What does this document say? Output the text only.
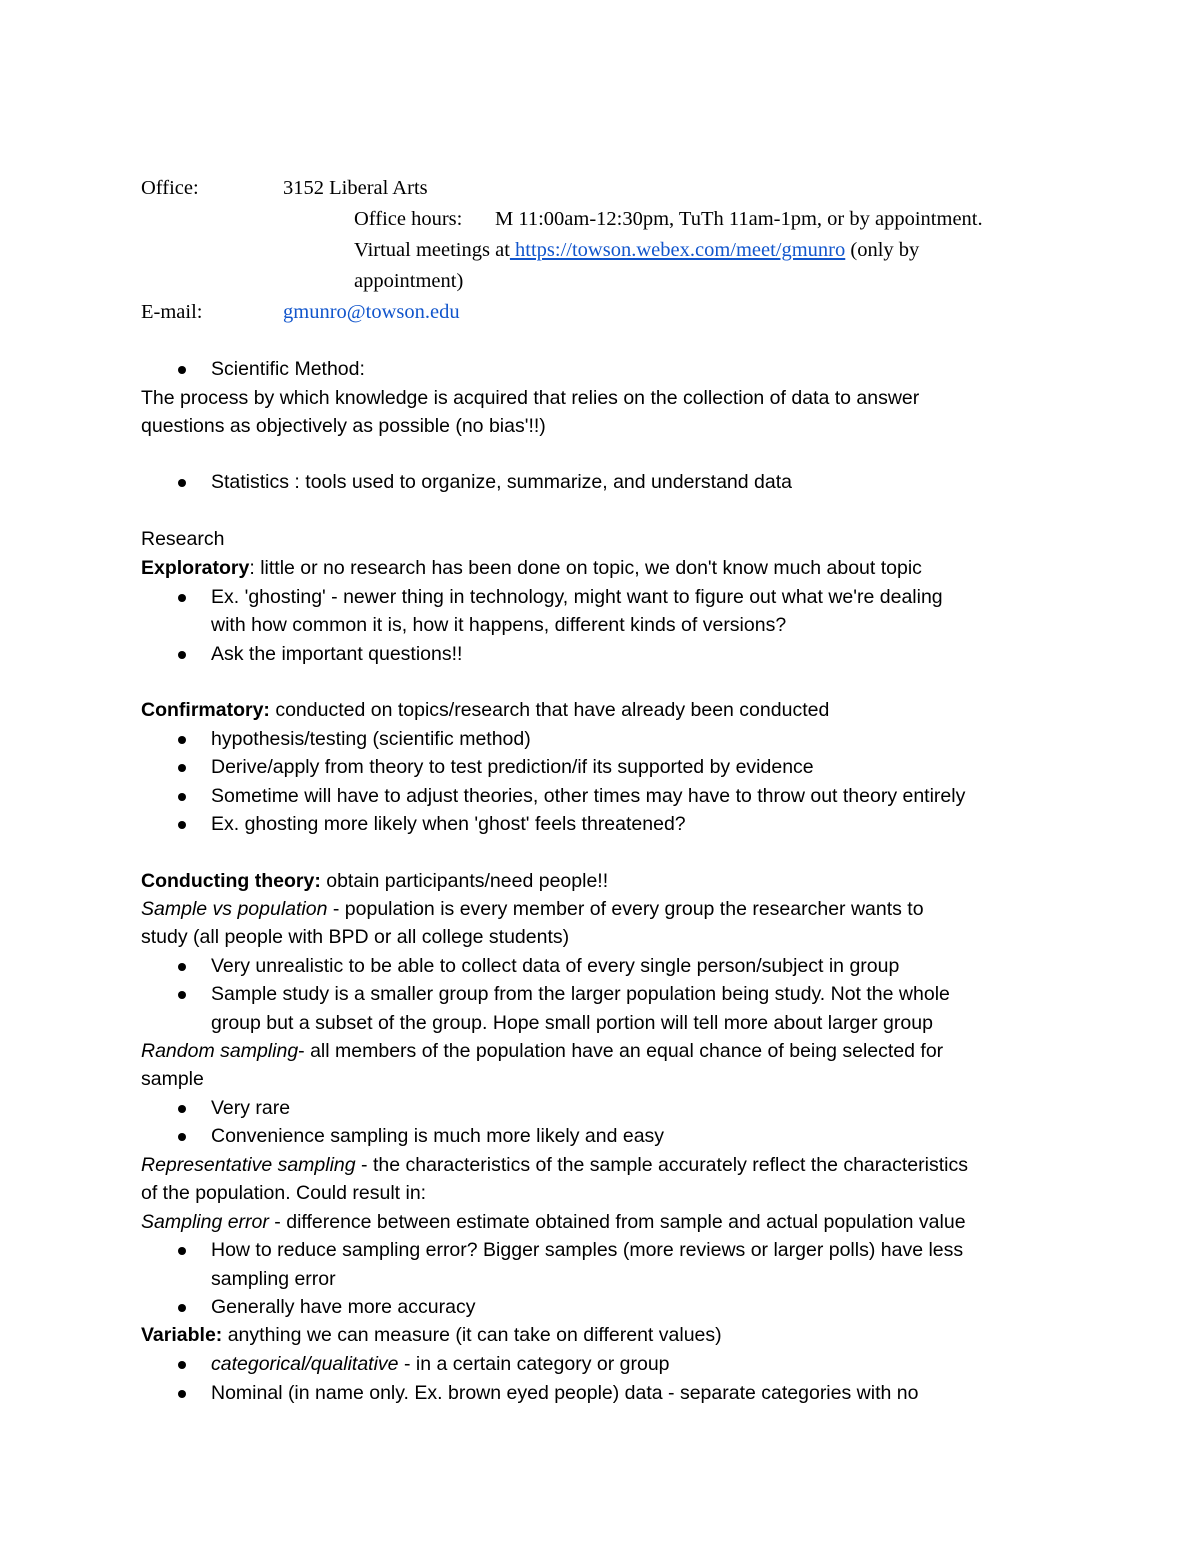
Office:	3152 Liberal Arts
Office hours: M 11:00am-12:30pm, TuTh 11am-1pm, or by appointment.
Virtual meetings at https://towson.webex.com/meet/gmunro (only by
appointment)
E-mail:	gmunro@towson.edu
Scientific Method:
The process by which knowledge is acquired that relies on the collection of data to answer
questions as objectively as possible (no bias'!!)
Statistics : tools used to organize, summarize, and understand data
Research
Exploratory: little or no research has been done on topic, we don't know much about topic
Ex. 'ghosting' - newer thing in technology, might want to figure out what we're dealing
with how common it is, how it happens, different kinds of versions?
Ask the important questions!!
Confirmatory: conducted on topics/research that have already been conducted
hypothesis/testing (scientific method)
Derive/apply from theory to test prediction/if its supported by evidence
Sometime will have to adjust theories, other times may have to throw out theory entirely
Ex. ghosting more likely when 'ghost' feels threatened?
Conducting theory: obtain participants/need people!!
Sample vs population - population is every member of every group the researcher wants to
study (all people with BPD or all college students)
Very unrealistic to be able to collect data of every single person/subject in group
Sample study is a smaller group from the larger population being study. Not the whole
group but a subset of the group. Hope small portion will tell more about larger group
Random sampling- all members of the population have an equal chance of being selected for
sample
Very rare
Convenience sampling is much more likely and easy
Representative sampling - the characteristics of the sample accurately reflect the characteristics
of the population. Could result in:
Sampling error - difference between estimate obtained from sample and actual population value
How to reduce sampling error? Bigger samples (more reviews or larger polls) have less
sampling error
Generally have more accuracy
Variable: anything we can measure (it can take on different values)
categorical/qualitative - in a certain category or group
Nominal (in name only. Ex. brown eyed people) data - separate categories with no
